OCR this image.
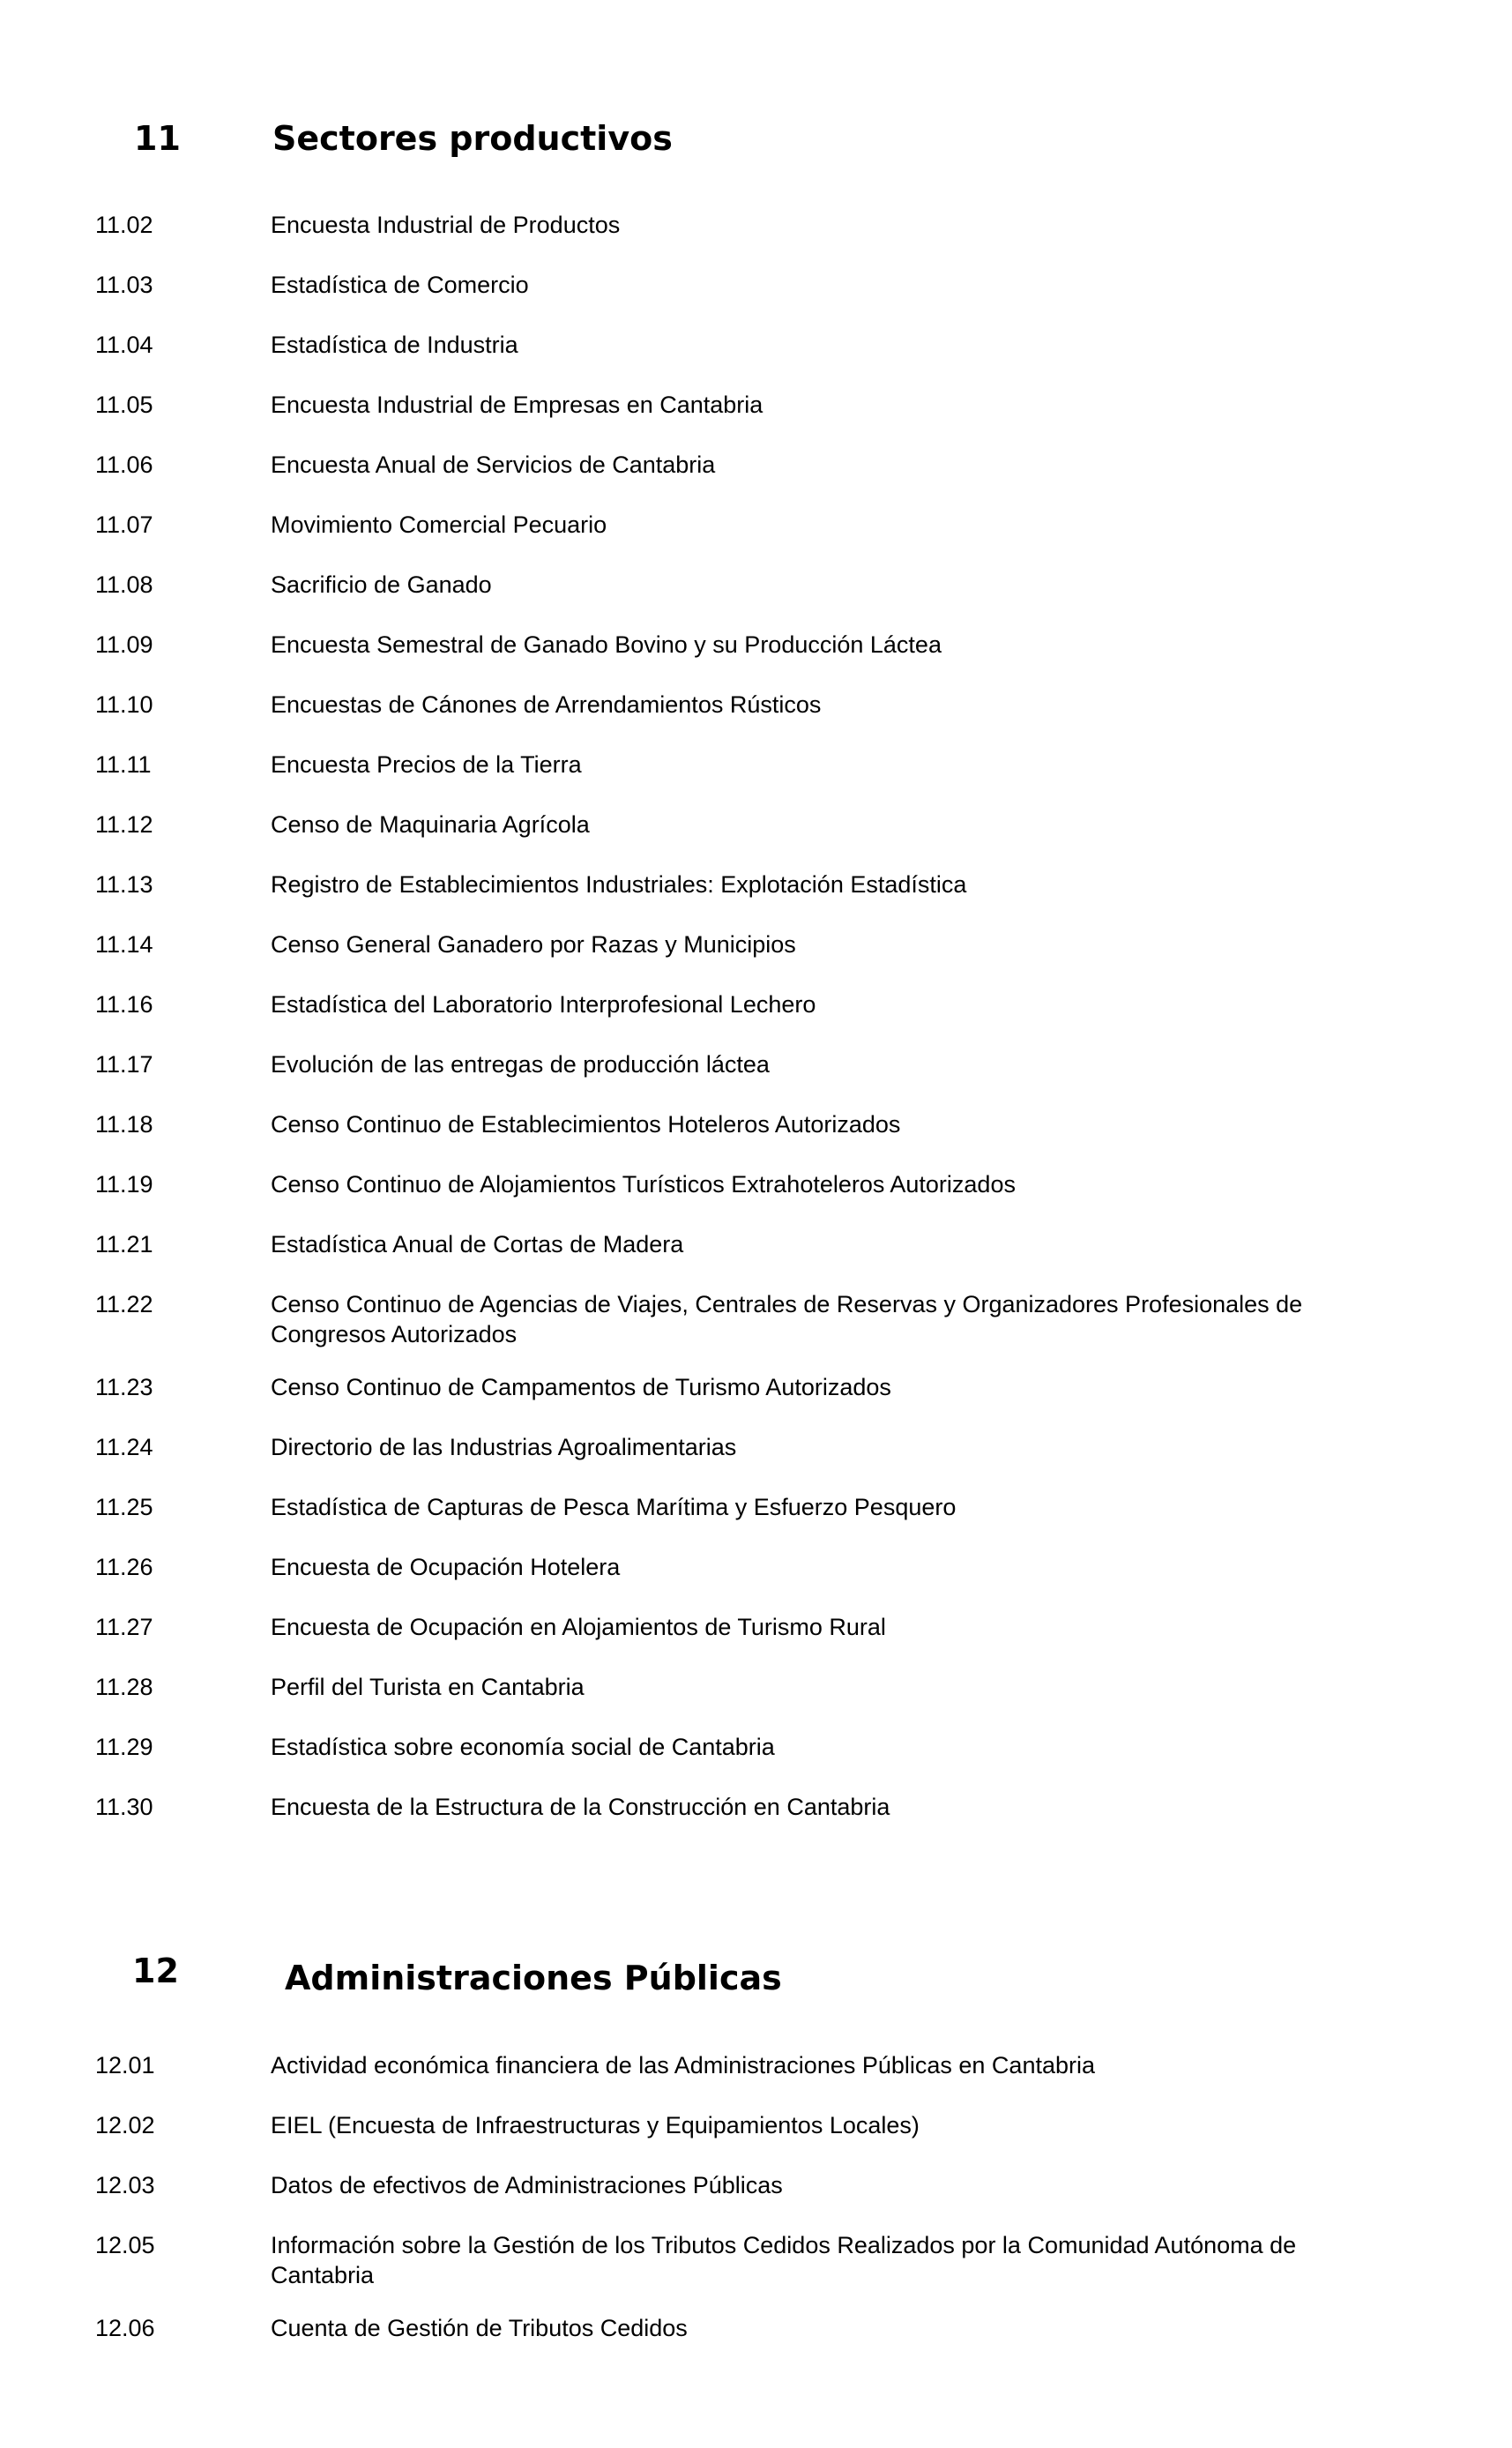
11	Sectores productivos
11.02	Encuesta Industrial de Productos
11.03	Estadística de Comercio
11.04	Estadística de Industria
11.05	Encuesta Industrial de Empresas en Cantabria
11.06	Encuesta Anual de Servicios de Cantabria
11.07	Movimiento Comercial Pecuario
11.08	Sacrificio de Ganado
11.09	Encuesta Semestral de Ganado Bovino y su Producción Láctea
11.10	Encuestas de Cánones de Arrendamientos Rústicos
11.11	Encuesta Precios de la Tierra
11.12	Censo de Maquinaria Agrícola
11.13	Registro de Establecimientos Industriales: Explotación Estadística
11.14	Censo General Ganadero por Razas y Municipios
11.16	Estadística del Laboratorio Interprofesional Lechero
11.17	Evolución de las entregas de producción láctea
11.18	Censo Continuo de Establecimientos Hoteleros Autorizados
11.19	Censo Continuo de Alojamientos Turísticos Extrahoteleros Autorizados
11.21	Estadística Anual de Cortas de Madera
11.22	Censo Continuo de Agencias de Viajes, Centrales de Reservas y Organizadores Profesionales de Congresos Autorizados
11.23	Censo Continuo de Campamentos de Turismo Autorizados
11.24	Directorio de las Industrias Agroalimentarias
11.25	Estadística de Capturas de Pesca Marítima y Esfuerzo Pesquero
11.26	Encuesta de Ocupación Hotelera
11.27	Encuesta de Ocupación en Alojamientos de Turismo Rural
11.28	Perfil del Turista en Cantabria
11.29	Estadística sobre economía social de Cantabria
11.30	Encuesta de la Estructura de la Construcción en Cantabria
12	Administraciones Públicas
12.01	Actividad económica financiera de las Administraciones Públicas en Cantabria
12.02	EIEL (Encuesta de Infraestructuras y Equipamientos Locales)
12.03	Datos de efectivos de Administraciones Públicas
12.05	Información sobre la Gestión de los Tributos Cedidos Realizados por la Comunidad Autónoma de Cantabria
12.06	Cuenta de Gestión de Tributos Cedidos
